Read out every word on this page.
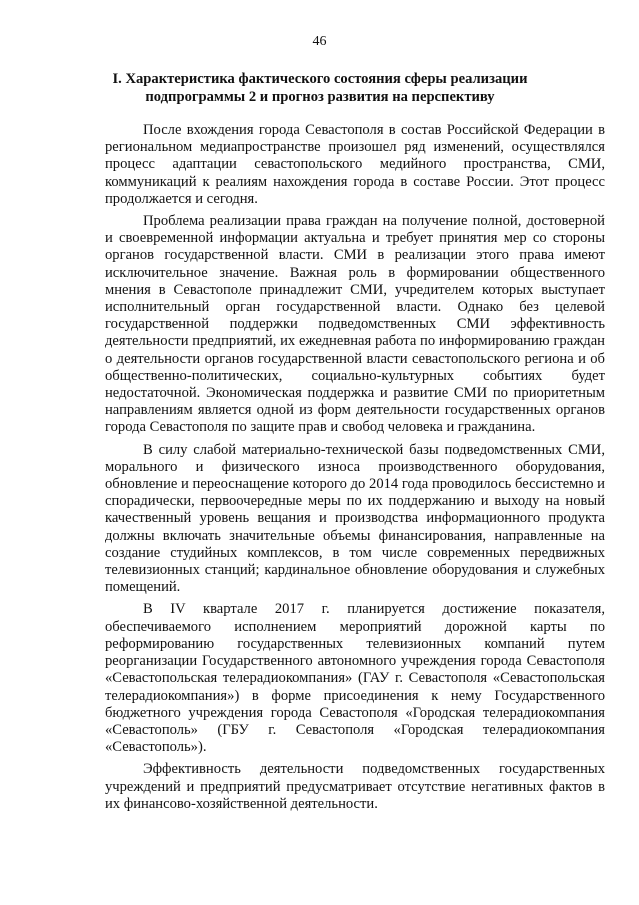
46
I. Характеристика фактического состояния сферы реализации подпрограммы 2 и прогноз развития на перспективу

После вхождения города Севастополя в состав Российской Федерации в региональном медиапространстве произошел ряд изменений, осуществлялся процесс адаптации севастопольского медийного пространства, СМИ, коммуникаций к реалиям нахождения города в составе России. Этот процесс продолжается и сегодня.

Проблема реализации права граждан на получение полной, достоверной и своевременной информации актуальна и требует принятия мер со стороны органов государственной власти. СМИ в реализации этого права имеют исключительное значение. Важная роль в формировании общественного мнения в Севастополе принадлежит СМИ, учредителем которых выступает исполнительный орган государственной власти. Однако без целевой государственной поддержки подведомственных СМИ эффективность деятельности предприятий, их ежедневная работа по информированию граждан о деятельности органов государственной власти севастопольского региона и об общественно-политических, социально-культурных событиях будет недостаточной. Экономическая поддержка и развитие СМИ по приоритетным направлениям является одной из форм деятельности государственных органов города Севастополя по защите прав и свобод человека и гражданина.

В силу слабой материально-технической базы подведомственных СМИ, морального и физического износа производственного оборудования, обновление и переоснащение которого до 2014 года проводилось бессистемно и спорадически, первоочередные меры по их поддержанию и выходу на новый качественный уровень вещания и производства информационного продукта должны включать значительные объемы финансирования, направленные на создание студийных комплексов, в том числе современных передвижных телевизионных станций; кардинальное обновление оборудования и служебных помещений.

В IV квартале 2017 г. планируется достижение показателя, обеспечиваемого исполнением мероприятий дорожной карты по реформированию государственных телевизионных компаний путем реорганизации Государственного автономного учреждения города Севастополя «Севастопольская телерадиокомпания» (ГАУ г. Севастополя «Севастопольская телерадиокомпания») в форме присоединения к нему Государственного бюджетного учреждения города Севастополя «Городская телерадиокомпания «Севастополь» (ГБУ г. Севастополя «Городская телерадиокомпания «Севастополь»).

Эффективность деятельности подведомственных государственных учреждений и предприятий предусматривает отсутствие негативных фактов в их финансово-хозяйственной деятельности.
